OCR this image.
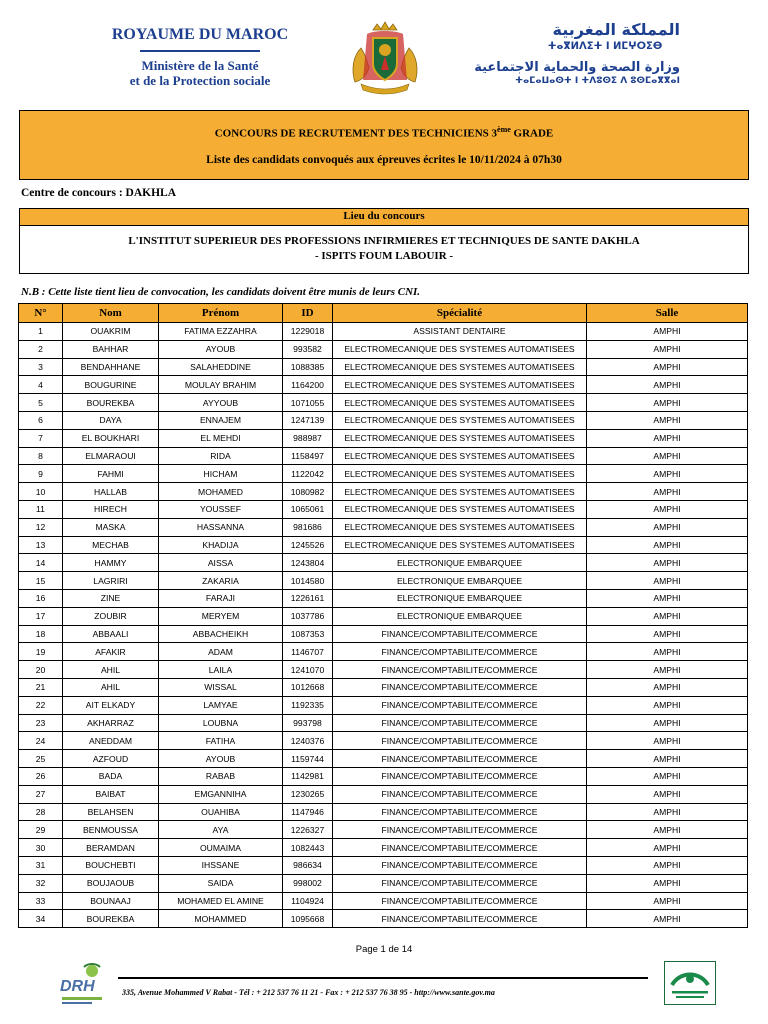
ROYAUME DU MAROC
Ministère de la Santé
et de la Protection sociale
المملكة المغربية
ⵜⴰⴳⵍⴷⵉⵜ ⵏ ⵍⵎⵖⵔⵉⴱ
وزارة الصحة والحماية الاجتماعية
ⵜⴰⵎⴰⵡⴰⵙⵜ ⵏ ⵜⴷⵓⵙⵉ ⴷ ⵓⵙⵎⴰⴳⴳⴰⵏ
CONCOURS DE RECRUTEMENT DES TECHNICIENS 3ème GRADE
Liste des candidats convoqués aux épreuves écrites le 10/11/2024 à 07h30
Centre de concours : DAKHLA
Lieu du concours
L'INSTITUT SUPERIEUR DES PROFESSIONS INFIRMIERES ET TECHNIQUES DE SANTE DAKHLA
- ISPITS FOUM LABOUIR -
N.B : Cette liste tient lieu de convocation, les candidats doivent être munis de leurs CNI.
N°	Nom	Prénom	ID	Spécialité	Salle
1	OUAKRIM	FATIMA EZZAHRA	1229018	ASSISTANT DENTAIRE	AMPHI
2	BAHHAR	AYOUB	993582	ELECTROMECANIQUE DES SYSTEMES AUTOMATISEES	AMPHI
3	BENDAHHANE	SALAHEDDINE	1088385	ELECTROMECANIQUE DES SYSTEMES AUTOMATISEES	AMPHI
4	BOUGURINE	MOULAY BRAHIM	1164200	ELECTROMECANIQUE DES SYSTEMES AUTOMATISEES	AMPHI
5	BOUREKBA	AYYOUB	1071055	ELECTROMECANIQUE DES SYSTEMES AUTOMATISEES	AMPHI
6	DAYA	ENNAJEM	1247139	ELECTROMECANIQUE DES SYSTEMES AUTOMATISEES	AMPHI
7	EL BOUKHARI	EL MEHDI	988987	ELECTROMECANIQUE DES SYSTEMES AUTOMATISEES	AMPHI
8	ELMARAOUI	RIDA	1158497	ELECTROMECANIQUE DES SYSTEMES AUTOMATISEES	AMPHI
9	FAHMI	HICHAM	1122042	ELECTROMECANIQUE DES SYSTEMES AUTOMATISEES	AMPHI
10	HALLAB	MOHAMED	1080982	ELECTROMECANIQUE DES SYSTEMES AUTOMATISEES	AMPHI
11	HIRECH	YOUSSEF	1065061	ELECTROMECANIQUE DES SYSTEMES AUTOMATISEES	AMPHI
12	MASKA	HASSANNA	981686	ELECTROMECANIQUE DES SYSTEMES AUTOMATISEES	AMPHI
13	MECHAB	KHADIJA	1245526	ELECTROMECANIQUE DES SYSTEMES AUTOMATISEES	AMPHI
14	HAMMY	AISSA	1243804	ELECTRONIQUE EMBARQUEE	AMPHI
15	LAGRIRI	ZAKARIA	1014580	ELECTRONIQUE EMBARQUEE	AMPHI
16	ZINE	FARAJI	1226161	ELECTRONIQUE EMBARQUEE	AMPHI
17	ZOUBIR	MERYEM	1037786	ELECTRONIQUE EMBARQUEE	AMPHI
18	ABBAALI	ABBACHEIKH	1087353	FINANCE/COMPTABILITE/COMMERCE	AMPHI
19	AFAKIR	ADAM	1146707	FINANCE/COMPTABILITE/COMMERCE	AMPHI
20	AHIL	LAILA	1241070	FINANCE/COMPTABILITE/COMMERCE	AMPHI
21	AHIL	WISSAL	1012668	FINANCE/COMPTABILITE/COMMERCE	AMPHI
22	AIT ELKADY	LAMYAE	1192335	FINANCE/COMPTABILITE/COMMERCE	AMPHI
23	AKHARRAZ	LOUBNA	993798	FINANCE/COMPTABILITE/COMMERCE	AMPHI
24	ANEDDAM	FATIHA	1240376	FINANCE/COMPTABILITE/COMMERCE	AMPHI
25	AZFOUD	AYOUB	1159744	FINANCE/COMPTABILITE/COMMERCE	AMPHI
26	BADA	RABAB	1142981	FINANCE/COMPTABILITE/COMMERCE	AMPHI
27	BAIBAT	EMGANNIHA	1230265	FINANCE/COMPTABILITE/COMMERCE	AMPHI
28	BELAHSEN	OUAHIBA	1147946	FINANCE/COMPTABILITE/COMMERCE	AMPHI
29	BENMOUSSA	AYA	1226327	FINANCE/COMPTABILITE/COMMERCE	AMPHI
30	BERAMDAN	OUMAIMA	1082443	FINANCE/COMPTABILITE/COMMERCE	AMPHI
31	BOUCHEBTI	IHSSANE	986634	FINANCE/COMPTABILITE/COMMERCE	AMPHI
32	BOUJAOUB	SAIDA	998002	FINANCE/COMPTABILITE/COMMERCE	AMPHI
33	BOUNAAJ	MOHAMED EL AMINE	1104924	FINANCE/COMPTABILITE/COMMERCE	AMPHI
34	BOUREKBA	MOHAMMED	1095668	FINANCE/COMPTABILITE/COMMERCE	AMPHI
Page 1 de 14
DRH	335, Avenue Mohammed V Rabat - Tél : + 212 537 76 11 21 - Fax : + 212 537 76 38 95 - http://www.sante.gov.ma
